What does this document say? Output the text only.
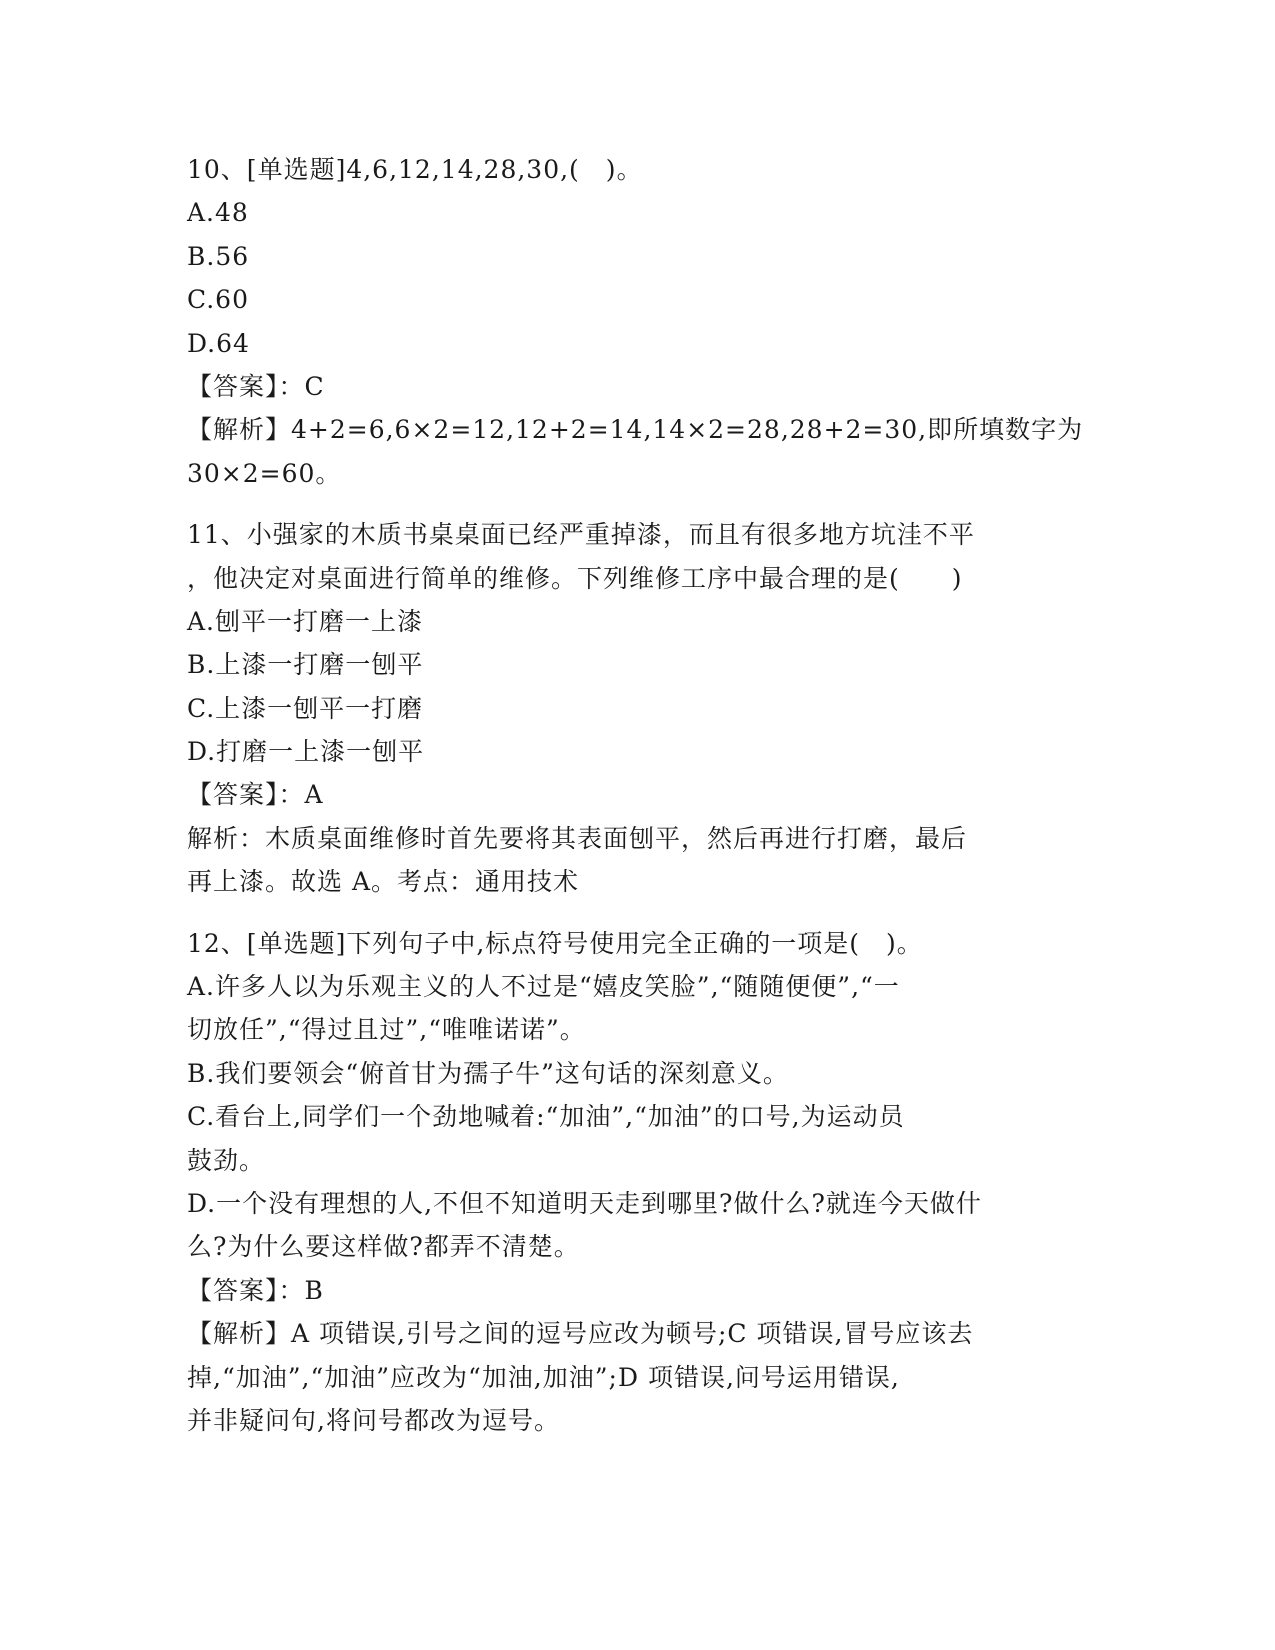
10、[单选题]4,6,12,14,28,30,(　)。
A.48
B.56
C.60
D.64
【答案】：C
【解析】4+2=6,6×2=12,12+2=14,14×2=28,28+2=30,即所填数字为
30×2=60。
11、小强家的木质书桌桌面已经严重掉漆，而且有很多地方坑洼不平
，他决定对桌面进行简单的维修。下列维修工序中最合理的是(　　)
A.刨平一打磨一上漆
B.上漆一打磨一刨平
C.上漆一刨平一打磨
D.打磨一上漆一刨平
【答案】：A
解析：木质桌面维修时首先要将其表面刨平，然后再进行打磨，最后
再上漆。故选 A。考点：通用技术
12、[单选题]下列句子中,标点符号使用完全正确的一项是(　)。
A.许多人以为乐观主义的人不过是“嬉皮笑脸”,“随随便便”,“一
切放任”,“得过且过”,“唯唯诺诺”。
B.我们要领会“俯首甘为孺子牛”这句话的深刻意义。
C.看台上,同学们一个劲地喊着:“加油”,“加油”的口号,为运动员
鼓劲。
D.一个没有理想的人,不但不知道明天走到哪里?做什么?就连今天做什
么?为什么要这样做?都弄不清楚。
【答案】：B
【解析】A 项错误,引号之间的逗号应改为顿号;C 项错误,冒号应该去
掉,“加油”,“加油”应改为“加油,加油”;D 项错误,问号运用错误,
并非疑问句,将问号都改为逗号。
